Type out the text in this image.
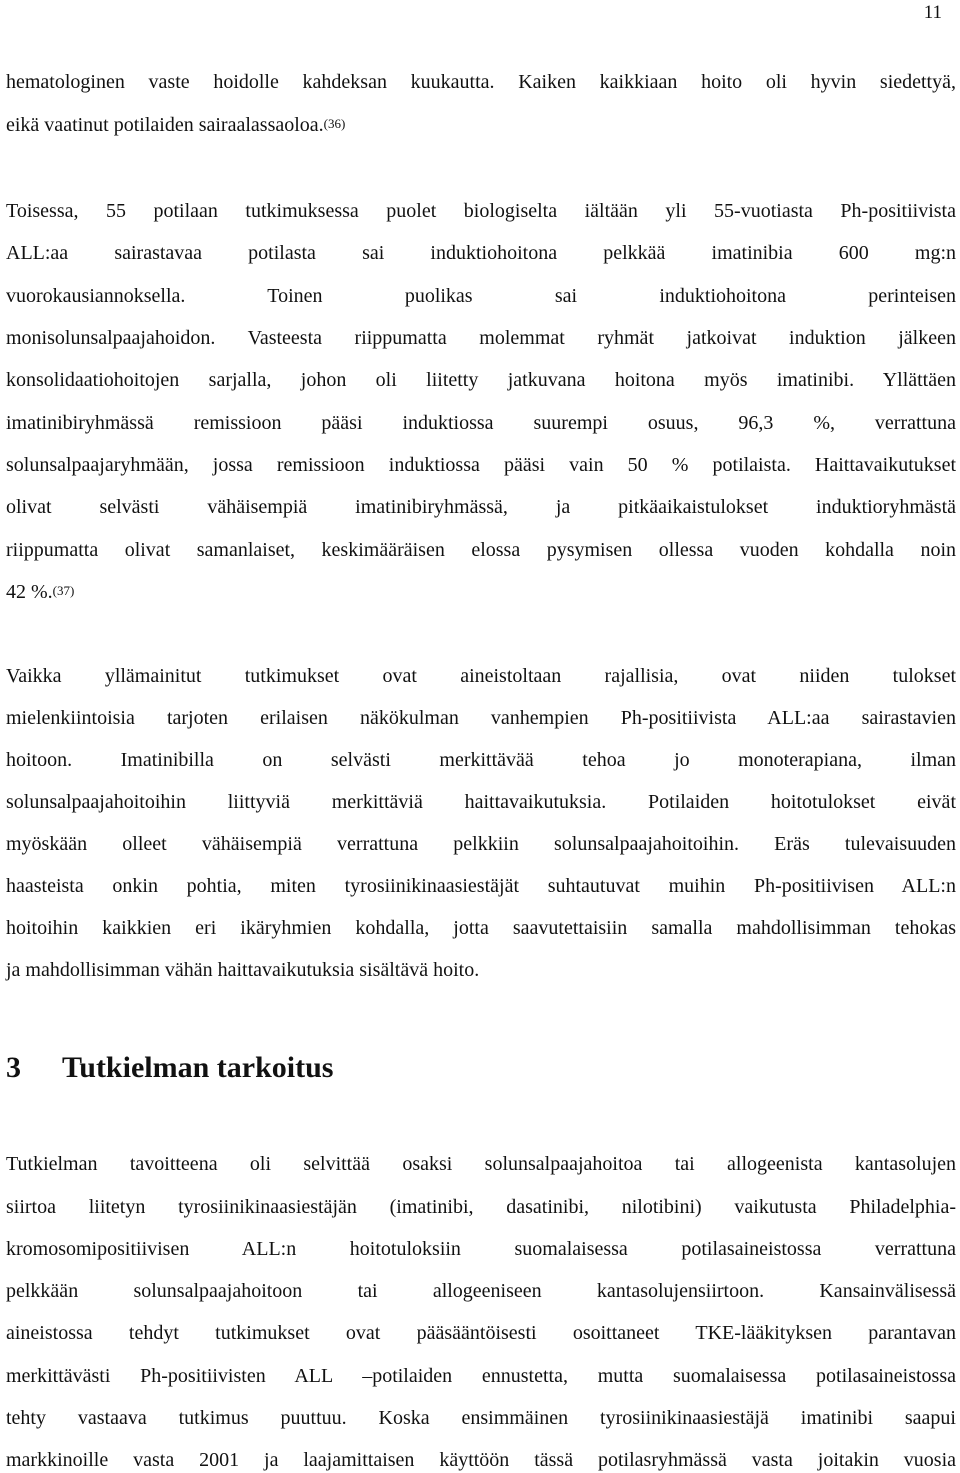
11
hematologinen vaste hoidolle kahdeksan kuukautta. Kaiken kaikkiaan hoito oli hyvin siedettyä,
eikä vaatinut potilaiden sairaalassaoloa.$^{(36)}$
Toisessa, 55 potilaan tutkimuksessa puolet biologiselta iältään yli 55-vuotiasta Ph-positiivista
ALL:aa sairastavaa potilasta sai induktiohoitona pelkkää imatinibia 600 mg:n
vuorokausiannoksella. Toinen puolikas sai induktiohoitona perinteisen
monisolunsalpaajahoidon. Vasteesta riippumatta molemmat ryhmät jatkoivat induktion jälkeen
konsolidaatiohoitojen sarjalla, johon oli liitetty jatkuvana hoitona myös imatinibi. Yllättäen
imatinibiryhmässä remissioon pääsi induktiossa suurempi osuus, 96,3 %, verrattuna
solunsalpaajaryhmään, jossa remissioon induktiossa pääsi vain 50 % potilaista. Haittavaikutukset
olivat selvästi vähäisempiä imatinibiryhmässä, ja pitkäaikaistulokset induktioryhmästä
riippumatta olivat samanlaiset, keskimääräisen elossa pysymisen ollessa vuoden kohdalla noin
42 %.$^{(37)}$
Vaikka yllämainitut tutkimukset ovat aineistoltaan rajallisia, ovat niiden tulokset
mielenkiintoisia tarjoten erilaisen näkökulman vanhempien Ph-positiivista ALL:aa sairastavien
hoitoon. Imatinibilla on selvästi merkittävää tehoa jo monoterapiana, ilman
solunsalpaajahoitoihin liittyviä merkittäviä haittavaikutuksia. Potilaiden hoitotulokset eivät
myöskään olleet vähäisempiä verrattuna pelkkiin solunsalpaajahoitoihin. Eräs tulevaisuuden
haasteista onkin pohtia, miten tyrosiinikinaasiestäjät suhtautuvat muihin Ph-positiivisen ALL:n
hoitoihin kaikkien eri ikäryhmien kohdalla, jotta saavutettaisiin samalla mahdollisimman tehokas
ja mahdollisimman vähän haittavaikutuksia sisältävä hoito.
3 Tutkielman tarkoitus
Tutkielman tavoitteena oli selvittää osaksi solunsalpaajahoitoa tai allogeenista kantasolujen
siirtoa liitetyn tyrosiinikinaasiestäjän (imatinibi, dasatinibi, nilotibini) vaikutusta Philadelphia-
kromosomipositiivisen ALL:n hoitotuloksiin suomalaisessa potilasaineistossa verrattuna
pelkkään solunsalpaajahoitoon tai allogeeniseen kantasolujensiirtoon. Kansainvälisessä
aineistossa tehdyt tutkimukset ovat pääsääntöisesti osoittaneet TKE-lääkityksen parantavan
merkittävästi Ph-positiivisten ALL –potilaiden ennustetta, mutta suomalaisessa potilasaineistossa
tehty vastaava tutkimus puuttuu. Koska ensimmäinen tyrosiinikinaasiestäjä imatinibi saapui
markkinoille vasta 2001 ja laajamittaisen käyttöön tässä potilasryhmässä vasta joitakin vuosia
